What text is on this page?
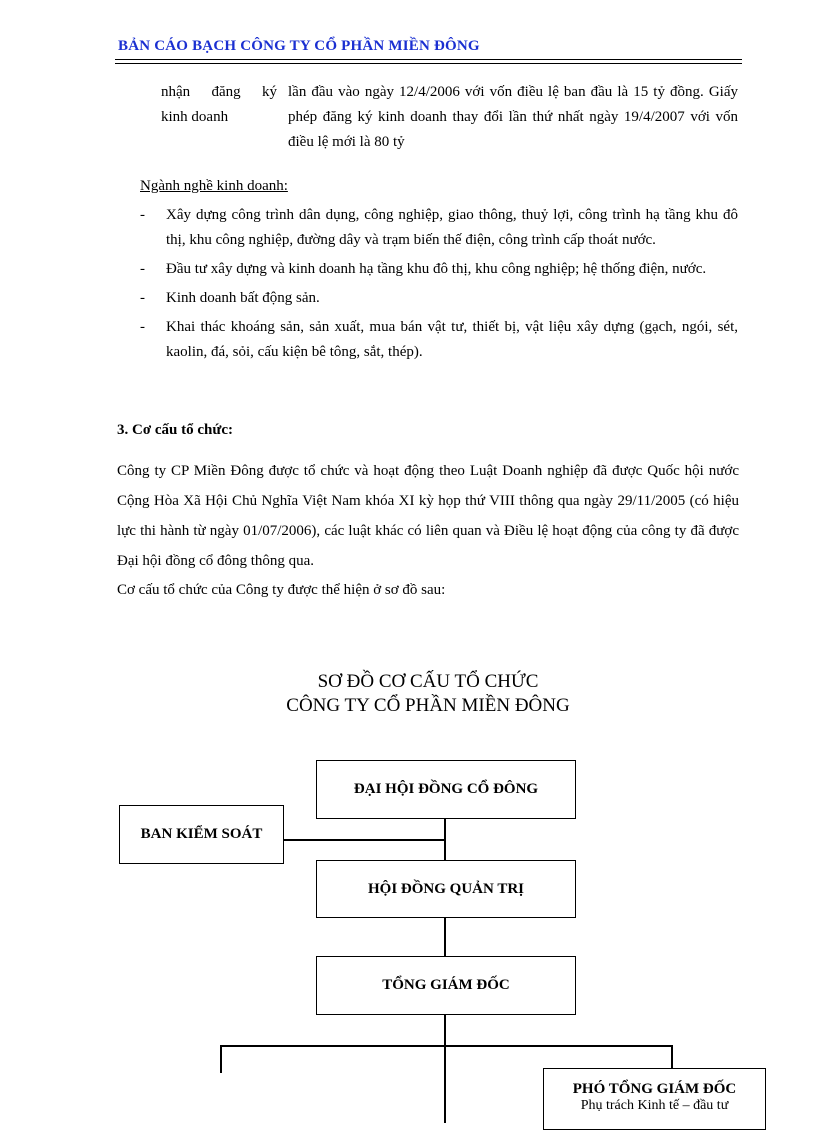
BẢN CÁO BẠCH CÔNG TY CỔ PHẦN MIỀN ĐÔNG
nhận đăng ký
kinh doanh
lần đầu vào ngày 12/4/2006 với vốn điều lệ ban đầu là 15 tỷ đồng. Giấy phép đăng ký kinh doanh thay đổi lần thứ nhất ngày 19/4/2007 với vốn điều lệ mới là 80 tỷ
Ngành nghề kinh doanh:
- Xây dựng công trình dân dụng, công nghiệp, giao thông, thuỷ lợi, công trình hạ tầng khu đô thị, khu công nghiệp, đường dây và trạm biến thế điện, công trình cấp thoát nước.
- Đầu tư xây dựng và kinh doanh hạ tầng khu đô thị, khu công nghiệp; hệ thống điện, nước.
- Kinh doanh bất động sản.
- Khai thác khoáng sản, sản xuất, mua bán vật tư, thiết bị, vật liệu xây dựng (gạch, ngói, sét, kaolin, đá, sỏi, cấu kiện bê tông, sắt, thép).
3. Cơ cấu tổ chức:
Công ty CP Miền Đông được tổ chức và hoạt động theo Luật Doanh nghiệp đã được Quốc hội nước Cộng Hòa Xã Hội Chủ Nghĩa Việt Nam khóa XI kỳ họp thứ VIII thông qua ngày 29/11/2005 (có hiệu lực thi hành từ ngày 01/07/2006), các luật khác có liên quan và Điều lệ hoạt động của công ty đã được Đại hội đồng cổ đông thông qua.
Cơ cấu tổ chức của Công ty được thể hiện ở sơ đồ sau:
SƠ ĐỒ CƠ CẤU TỔ CHỨC
CÔNG TY CỔ PHẦN MIỀN ĐÔNG
ĐẠI HỘI ĐỒNG CỔ ĐÔNG
BAN KIỂM SOÁT
HỘI ĐỒNG QUẢN TRỊ
TỔNG GIÁM ĐỐC
PHÓ TỔNG GIÁM ĐỐC
Phụ trách Kinh tế – đầu tư
